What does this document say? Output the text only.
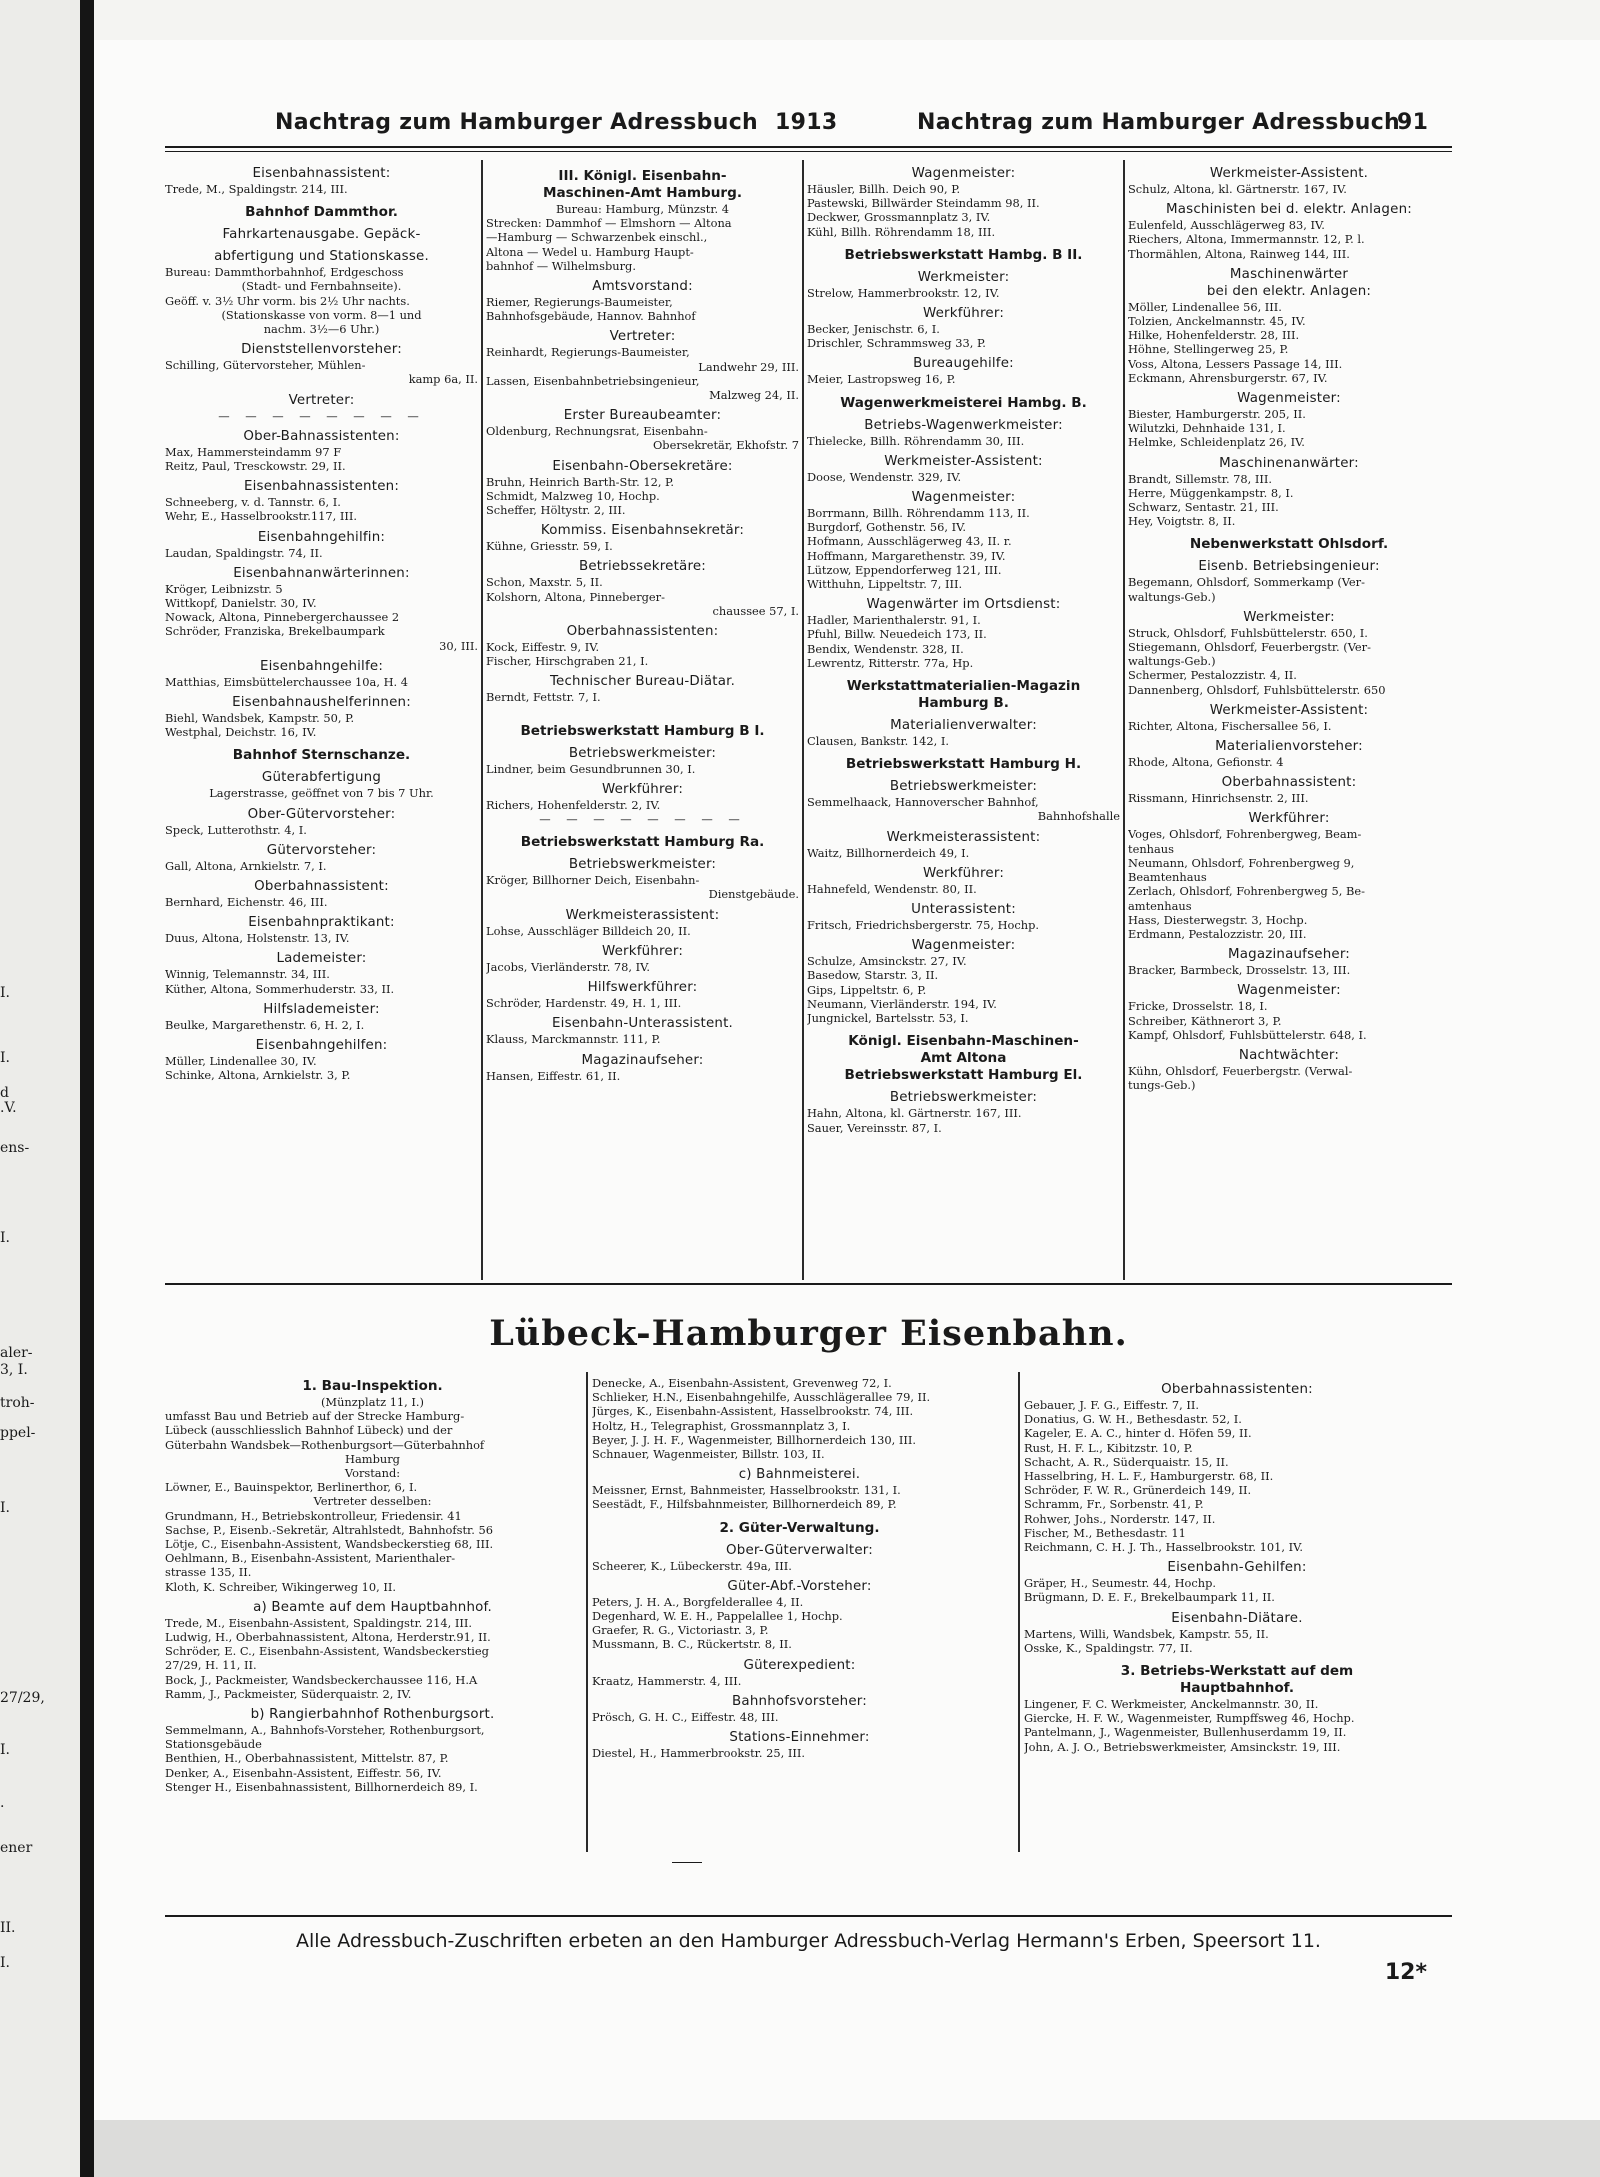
I.
I.
d
.V.
ens-
I.
aler-
3, I.
troh-
ppel-
I.
27/29,
I.
.
ener
II.
I.
Nachtrag zum Hamburger Adressbuch 1913	Nachtrag zum Hamburger Adressbuch
91

Eisenbahnassistent:

Trede, M., Spaldingstr. 214, III.

Bahnhof Dammthor.

Fahrkartenausgabe. Gepäck-

abfertigung und Stationskasse.

Bureau: Dammthorbahnhof, Erdgeschoss

(Stadt- und Fernbahnseite).

Geöff. v. 3½ Uhr vorm. bis 2½ Uhr nachts.

(Stationskasse von vorm. 8—1 und

nachm. 3½—6 Uhr.)

Dienststellenvorsteher:

Schilling, Gütervorsteher, Mühlen-

kamp 6a, II.

Vertreter:

— — — — — — — —

Ober-Bahnassistenten:

Max, Hammersteindamm 97 F

Reitz, Paul, Tresckowstr. 29, II.

Eisenbahnassistenten:

Schneeberg, v. d. Tannstr. 6, I.

Wehr, E., Hasselbrookstr.117, III.

Eisenbahngehilfin:

Laudan, Spaldingstr. 74, II.

Eisenbahnanwärterinnen:

Kröger, Leibnizstr. 5

Wittkopf, Danielstr. 30, IV.

Nowack, Altona, Pinnebergerchaussee 2

Schröder, Franziska, Brekelbaumpark

30, III.

Eisenbahngehilfe:

Matthias, Eimsbüttelerchaussee 10a, H. 4

Eisenbahnaushelferinnen:

Biehl, Wandsbek, Kampstr. 50, P.

Westphal, Deichstr. 16, IV.

Bahnhof Sternschanze.

Güterabfertigung

Lagerstrasse, geöffnet von 7 bis 7 Uhr.

Ober-Gütervorsteher:

Speck, Lutterothstr. 4, I.

Gütervorsteher:

Gall, Altona, Arnkielstr. 7, I.

Oberbahnassistent:

Bernhard, Eichenstr. 46, III.

Eisenbahnpraktikant:

Duus, Altona, Holstenstr. 13, IV.

Lademeister:

Winnig, Telemannstr. 34, III.

Küther, Altona, Sommerhuderstr. 33, II.

Hilfslademeister:

Beulke, Margarethenstr. 6, H. 2, I.

Eisenbahngehilfen:

Müller, Lindenallee 30, IV.

Schinke, Altona, Arnkielstr. 3, P.

III. Königl. Eisenbahn-

Maschinen-Amt Hamburg.

Bureau: Hamburg, Münzstr. 4

Strecken: Dammhof — Elmshorn — Altona

—Hamburg — Schwarzenbek einschl.,

Altona — Wedel u. Hamburg Haupt-

bahnhof — Wilhelmsburg.

Amtsvorstand:

Riemer, Regierungs-Baumeister,

Bahnhofsgebäude, Hannov. Bahnhof

Vertreter:

Reinhardt, Regierungs-Baumeister,

Landwehr 29, III.

Lassen, Eisenbahnbetriebsingenieur,

Malzweg 24, II.

Erster Bureaubeamter:

Oldenburg, Rechnungsrat, Eisenbahn-

Obersekretär, Ekhofstr. 7

Eisenbahn-Obersekretäre:

Bruhn, Heinrich Barth-Str. 12, P.

Schmidt, Malzweg 10, Hochp.

Scheffer, Höltystr. 2, III.

Kommiss. Eisenbahnsekretär:

Kühne, Griesstr. 59, I.

Betriebssekretäre:

Schon, Maxstr. 5, II.

Kolshorn, Altona, Pinneberger-

chaussee 57, I.

Oberbahnassistenten:

Kock, Eiffestr. 9, IV.

Fischer, Hirschgraben 21, I.

Technischer Bureau-Diätar.

Berndt, Fettstr. 7, I.

Betriebswerkstatt Hamburg B I.

Betriebswerkmeister:

Lindner, beim Gesundbrunnen 30, I.

Werkführer:

Richers, Hohenfelderstr. 2, IV.

— — — — — — — —

Betriebswerkstatt Hamburg Ra.

Betriebswerkmeister:

Kröger, Billhorner Deich, Eisenbahn-

Dienstgebäude.

Werkmeisterassistent:

Lohse, Ausschläger Billdeich 20, II.

Werkführer:

Jacobs, Vierländerstr. 78, IV.

Hilfswerkführer:

Schröder, Hardenstr. 49, H. 1, III.

Eisenbahn-Unterassistent.

Klauss, Marckmannstr. 111, P.

Magazinaufseher:

Hansen, Eiffestr. 61, II.

Wagenmeister:

Häusler, Billh. Deich 90, P.

Pastewski, Billwärder Steindamm 98, II.

Deckwer, Grossmannplatz 3, IV.

Kühl, Billh. Röhrendamm 18, III.

Betriebswerkstatt Hambg. B II.

Werkmeister:

Strelow, Hammerbrookstr. 12, IV.

Werkführer:

Becker, Jenischstr. 6, I.

Drischler, Schrammsweg 33, P.

Bureaugehilfe:

Meier, Lastropsweg 16, P.

Wagenwerkmeisterei Hambg. B.

Betriebs-Wagenwerkmeister:

Thielecke, Billh. Röhrendamm 30, III.

Werkmeister-Assistent:

Doose, Wendenstr. 329, IV.

Wagenmeister:

Borrmann, Billh. Röhrendamm 113, II.

Burgdorf, Gothenstr. 56, IV.

Hofmann, Ausschlägerweg 43, II. r.

Hoffmann, Margarethenstr. 39, IV.

Lützow, Eppendorferweg 121, III.

Witthuhn, Lippeltstr. 7, III.

Wagenwärter im Ortsdienst:

Hadler, Marienthalerstr. 91, I.

Pfuhl, Billw. Neuedeich 173, II.

Bendix, Wendenstr. 328, II.

Lewrentz, Ritterstr. 77a, Hp.

Werkstattmaterialien-Magazin

Hamburg B.

Materialienverwalter:

Clausen, Bankstr. 142, I.

Betriebswerkstatt Hamburg H.

Betriebswerkmeister:

Semmelhaack, Hannoverscher Bahnhof,

Bahnhofshalle

Werkmeisterassistent:

Waitz, Billhornerdeich 49, I.

Werkführer:

Hahnefeld, Wendenstr. 80, II.

Unterassistent:

Fritsch, Friedrichsbergerstr. 75, Hochp.

Wagenmeister:

Schulze, Amsinckstr. 27, IV.

Basedow, Starstr. 3, II.

Gips, Lippeltstr. 6, P.

Neumann, Vierländerstr. 194, IV.

Jungnickel, Bartelsstr. 53, I.

Königl. Eisenbahn-Maschinen-

Amt Altona

Betriebswerkstatt Hamburg El.

Betriebswerkmeister:

Hahn, Altona, kl. Gärtnerstr. 167, III.

Sauer, Vereinsstr. 87, I.

Werkmeister-Assistent.

Schulz, Altona, kl. Gärtnerstr. 167, IV.

Maschinisten bei d. elektr. Anlagen:

Eulenfeld, Ausschlägerweg 83, IV.

Riechers, Altona, Immermannstr. 12, P. l.

Thormählen, Altona, Rainweg 144, III.

Maschinenwärter

bei den elektr. Anlagen:

Möller, Lindenallee 56, III.

Tolzien, Anckelmannstr. 45, IV.

Hilke, Hohenfelderstr. 28, III.

Höhne, Stellingerweg 25, P.

Voss, Altona, Lessers Passage 14, III.

Eckmann, Ahrensburgerstr. 67, IV.

Wagenmeister:

Biester, Hamburgerstr. 205, II.

Wilutzki, Dehnhaide 131, I.

Helmke, Schleidenplatz 26, IV.

Maschinenanwärter:

Brandt, Sillemstr. 78, III.

Herre, Müggenkampstr. 8, I.

Schwarz, Sentastr. 21, III.

Hey, Voigtstr. 8, II.

Nebenwerkstatt Ohlsdorf.

Eisenb. Betriebsingenieur:

Begemann, Ohlsdorf, Sommerkamp (Ver-

waltungs-Geb.)

Werkmeister:

Struck, Ohlsdorf, Fuhlsbüttelerstr. 650, I.

Stiegemann, Ohlsdorf, Feuerbergstr. (Ver-

waltungs-Geb.)

Schermer, Pestalozzistr. 4, II.

Dannenberg, Ohlsdorf, Fuhlsbüttelerstr. 650

Werkmeister-Assistent:

Richter, Altona, Fischersallee 56, I.

Materialienvorsteher:

Rhode, Altona, Gefionstr. 4

Oberbahnassistent:

Rissmann, Hinrichsenstr. 2, III.

Werkführer:

Voges, Ohlsdorf, Fohrenbergweg, Beam-

tenhaus

Neumann, Ohlsdorf, Fohrenbergweg 9,

Beamtenhaus

Zerlach, Ohlsdorf, Fohrenbergweg 5, Be-

amtenhaus

Hass, Diesterwegstr. 3, Hochp.

Erdmann, Pestalozzistr. 20, III.

Magazinaufseher:

Bracker, Barmbeck, Drosselstr. 13, III.

Wagenmeister:

Fricke, Drosselstr. 18, I.

Schreiber, Käthnerort 3, P.

Kampf, Ohlsdorf, Fuhlsbüttelerstr. 648, I.

Nachtwächter:

Kühn, Ohlsdorf, Feuerbergstr. (Verwal-

tungs-Geb.)

Lübeck-Hamburger Eisenbahn.

1. Bau-Inspektion.

(Münzplatz 11, I.)

umfasst Bau und Betrieb auf der Strecke Hamburg-

Lübeck (ausschliesslich Bahnhof Lübeck) und der

Güterbahn Wandsbek—Rothenburgsort—Güterbahnhof

Hamburg

Vorstand:

Löwner, E., Bauinspektor, Berlinerthor, 6, I.

Vertreter desselben:

Grundmann, H., Betriebskontrolleur, Friedensir. 41

Sachse, P., Eisenb.-Sekretär, Altrahlstedt, Bahnhofstr. 56

Lötje, C., Eisenbahn-Assistent, Wandsbeckerstieg 68, III.

Oehlmann, B., Eisenbahn-Assistent, Marienthaler-

strasse 135, II.

Kloth, K. Schreiber, Wikingerweg 10, II.

a) Beamte auf dem Hauptbahnhof.

Trede, M., Eisenbahn-Assistent, Spaldingstr. 214, III.

Ludwig, H., Oberbahnassistent, Altona, Herderstr.91, II.

Schröder, E. C., Eisenbahn-Assistent, Wandsbeckerstieg

27/29, H. 11, II.

Bock, J., Packmeister, Wandsbeckerchaussee 116, H.A

Ramm, J., Packmeister, Süderquaistr. 2, IV.

b) Rangierbahnhof Rothenburgsort.

Semmelmann, A., Bahnhofs-Vorsteher, Rothenburgsort,

Stationsgebäude

Benthien, H., Oberbahnassistent, Mittelstr. 87, P.

Denker, A., Eisenbahn-Assistent, Eiffestr. 56, IV.

Stenger H., Eisenbahnassistent, Billhornerdeich 89, I.

Denecke, A., Eisenbahn-Assistent, Grevenweg 72, I.

Schlieker, H.N., Eisenbahngehilfe, Ausschlägerallee 79, II.

Jürges, K., Eisenbahn-Assistent, Hasselbrookstr. 74, III.

Holtz, H., Telegraphist, Grossmannplatz 3, I.

Beyer, J. J. H. F., Wagenmeister, Billhornerdeich 130, III.

Schnauer, Wagenmeister, Billstr. 103, II.

c) Bahnmeisterei.

Meissner, Ernst, Bahnmeister, Hasselbrookstr. 131, I.

Seestädt, F., Hilfsbahnmeister, Billhornerdeich 89, P.

2. Güter-Verwaltung.

Ober-Güterverwalter:

Scheerer, K., Lübeckerstr. 49a, III.

Güter-Abf.-Vorsteher:

Peters, J. H. A., Borgfelderallee 4, II.

Degenhard, W. E. H., Pappelallee 1, Hochp.

Graefer, R. G., Victoriastr. 3, P.

Mussmann, B. C., Rückertstr. 8, II.

Güterexpedient:

Kraatz, Hammerstr. 4, III.

Bahnhofsvorsteher:

Prösch, G. H. C., Eiffestr. 48, III.

Stations-Einnehmer:

Diestel, H., Hammerbrookstr. 25, III.

Oberbahnassistenten:

Gebauer, J. F. G., Eiffestr. 7, II.

Donatius, G. W. H., Bethesdastr. 52, I.

Kageler, E. A. C., hinter d. Höfen 59, II.

Rust, H. F. L., Kibitzstr. 10, P.

Schacht, A. R., Süderquaistr. 15, II.

Hasselbring, H. L. F., Hamburgerstr. 68, II.

Schröder, F. W. R., Grünerdeich 149, II.

Schramm, Fr., Sorbenstr. 41, P.

Rohwer, Johs., Norderstr. 147, II.

Fischer, M., Bethesdastr. 11

Reichmann, C. H. J. Th., Hasselbrookstr. 101, IV.

Eisenbahn-Gehilfen:

Gräper, H., Seumestr. 44, Hochp.

Brügmann, D. E. F., Brekelbaumpark 11, II.

Eisenbahn-Diätare.

Martens, Willi, Wandsbek, Kampstr. 55, II.

Osske, K., Spaldingstr. 77, II.

3. Betriebs-Werkstatt auf dem

Hauptbahnhof.

Lingener, F. C. Werkmeister, Anckelmannstr. 30, II.

Giercke, H. F. W., Wagenmeister, Rumpffsweg 46, Hochp.

Pantelmann, J., Wagenmeister, Bullenhuserdamm 19, II.

John, A. J. O., Betriebswerkmeister, Amsinckstr. 19, III.

Alle Adressbuch-Zuschriften erbeten an den Hamburger Adressbuch-Verlag Hermann's Erben, Speersort 11.
12*
